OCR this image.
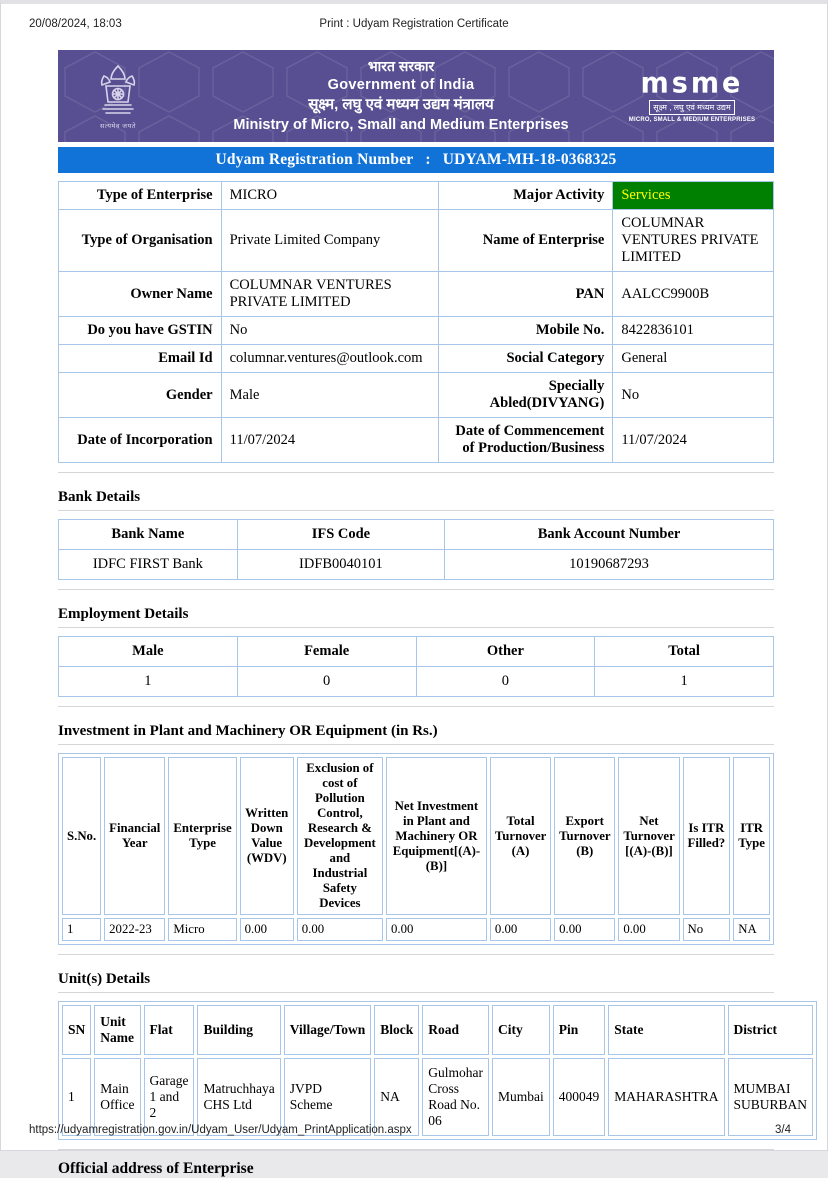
20/08/2024, 18:03	Print : Udyam Registration Certificate
सत्यमेव जयते
भारत सरकार
Government of India
सूक्ष्म, लघु एवं मध्यम उद्यम मंत्रालय
Ministry of Micro, Small and Medium Enterprises
msme
सूक्ष्म , लघु एवं मध्यम उद्यम
MICRO, SMALL & MEDIUM ENTERPRISES
Udyam Registration Number : UDYAM-MH-18-0368325
Type of Enterprise	MICRO	Major Activity	Services
Type of Organisation	Private Limited Company	Name of Enterprise	COLUMNAR VENTURES PRIVATE LIMITED
Owner Name	COLUMNAR VENTURES PRIVATE LIMITED	PAN	AALCC9900B
Do you have GSTIN	No	Mobile No.	8422836101
Email Id	columnar.ventures@outlook.com	Social Category	General
Gender	Male	Specially Abled(DIVYANG)	No
Date of Incorporation	11/07/2024	Date of Commencement of Production/Business	11/07/2024
Bank Details
Bank Name	IFS Code	Bank Account Number
IDFC FIRST Bank	IDFB0040101	10190687293
Employment Details
Male	Female	Other	Total
1	0	0	1
Investment in Plant and Machinery OR Equipment (in Rs.)
S.No.	Financial Year	Enterprise Type	Written Down Value (WDV)	Exclusion of cost of Pollution Control, Research & Development and Industrial Safety Devices	Net Investment in Plant and Machinery OR Equipment[(A)-(B)]	Total Turnover (A)	Export Turnover (B)	Net Turnover [(A)-(B)]	Is ITR Filled?	ITR Type
1	2022-23	Micro	0.00	0.00	0.00	0.00	0.00	0.00	No	NA
Unit(s) Details
SN	Unit Name	Flat	Building	Village/Town	Block	Road	City	Pin	State	District
1	Main Office	Garage 1 and 2	Matruchhaya CHS Ltd	JVPD Scheme	NA	Gulmohar Cross Road No. 06	Mumbai	400049	MAHARASHTRA	MUMBAI SUBURBAN
Official address of Enterprise
https://udyamregistration.gov.in/Udyam_User/Udyam_PrintApplication.aspx	3/4
